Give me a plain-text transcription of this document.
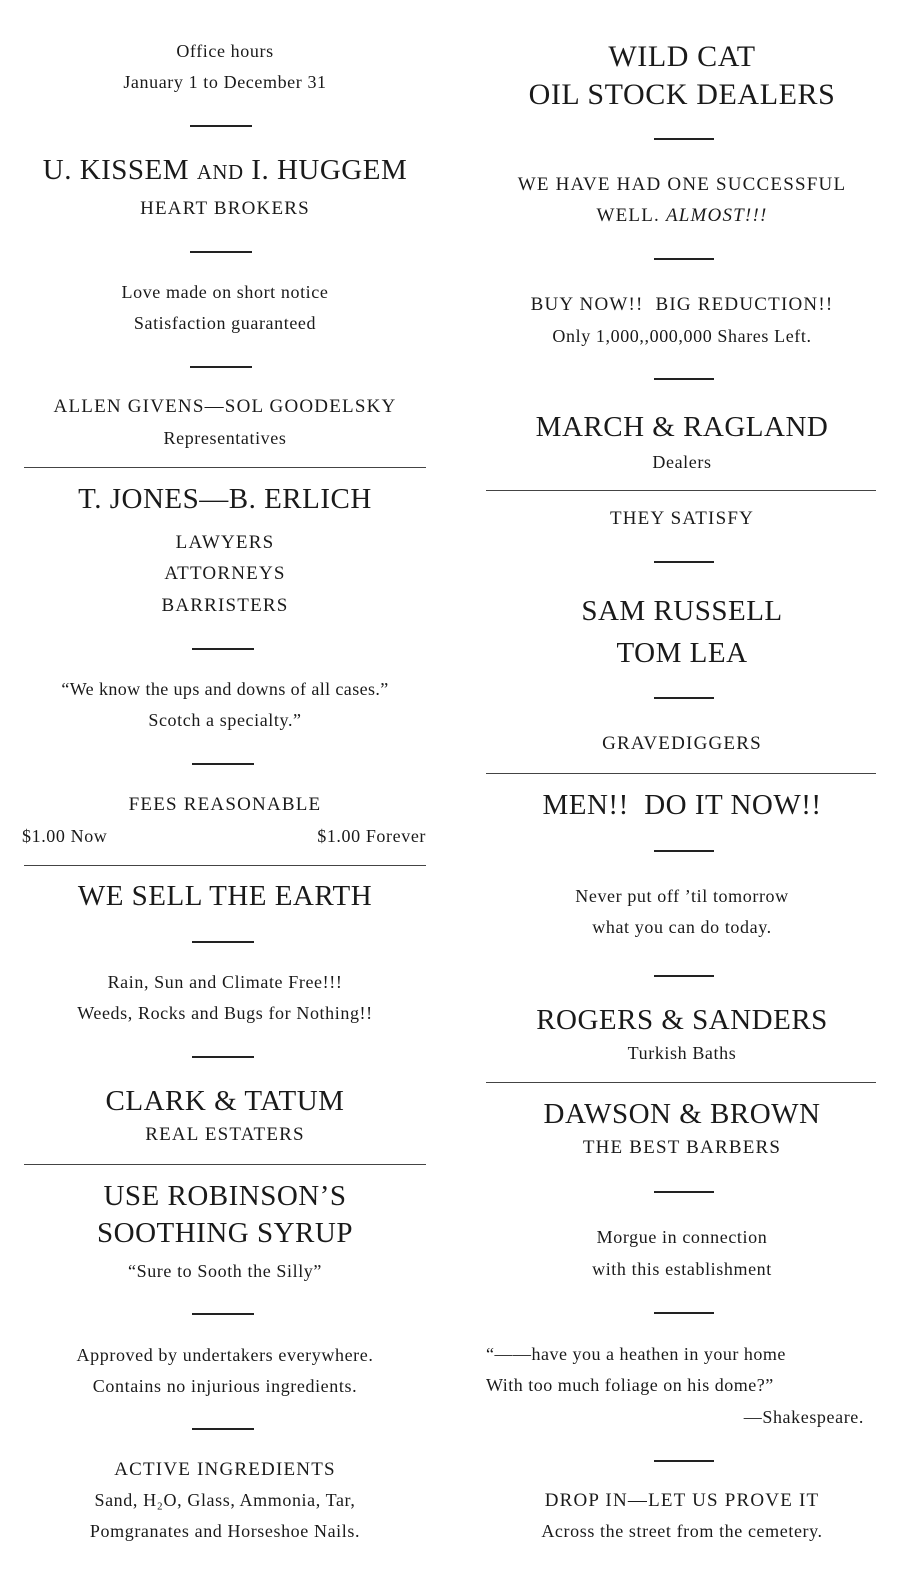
Office hours
January 1 to December 31
U. KISSEM AND I. HUGGEM
HEART BROKERS
Love made on short notice
Satisfaction guaranteed
ALLEN GIVENS—SOL GOODELSKY
Representatives
T. JONES—B. ERLICH
LAWYERS
ATTORNEYS
BARRISTERS
“We know the ups and downs of all cases.”
Scotch a specialty.”
FEES REASONABLE
$1.00 Now	$1.00 Forever
WE SELL THE EARTH
Rain, Sun and Climate Free!!!
Weeds, Rocks and Bugs for Nothing!!
CLARK & TATUM
REAL ESTATERS
USE ROBINSON’S
SOOTHING SYRUP
“Sure to Sooth the Silly”
Approved by undertakers everywhere.
Contains no injurious ingredients.
ACTIVE INGREDIENTS
Sand, H₂O, Glass, Ammonia, Tar,
Pomgranates and Horseshoe Nails.
WILD CAT
OIL STOCK DEALERS
WE HAVE HAD ONE SUCCESSFUL
WELL. ALMOST!!!
BUY NOW!!  BIG REDUCTION!!
Only 1,000,,000,000 Shares Left.
MARCH & RAGLAND
Dealers
THEY SATISFY
SAM RUSSELL
TOM LEA
GRAVEDIGGERS
MEN!!  DO IT NOW!!
Never put off ’til tomorrow
what you can do today.
ROGERS & SANDERS
Turkish Baths
DAWSON & BROWN
THE BEST BARBERS
Morgue in connection
with this establishment
“——have you a heathen in your home
With too much foliage on his dome?”
—Shakespeare.
DROP IN—LET US PROVE IT
Across the street from the cemetery.
